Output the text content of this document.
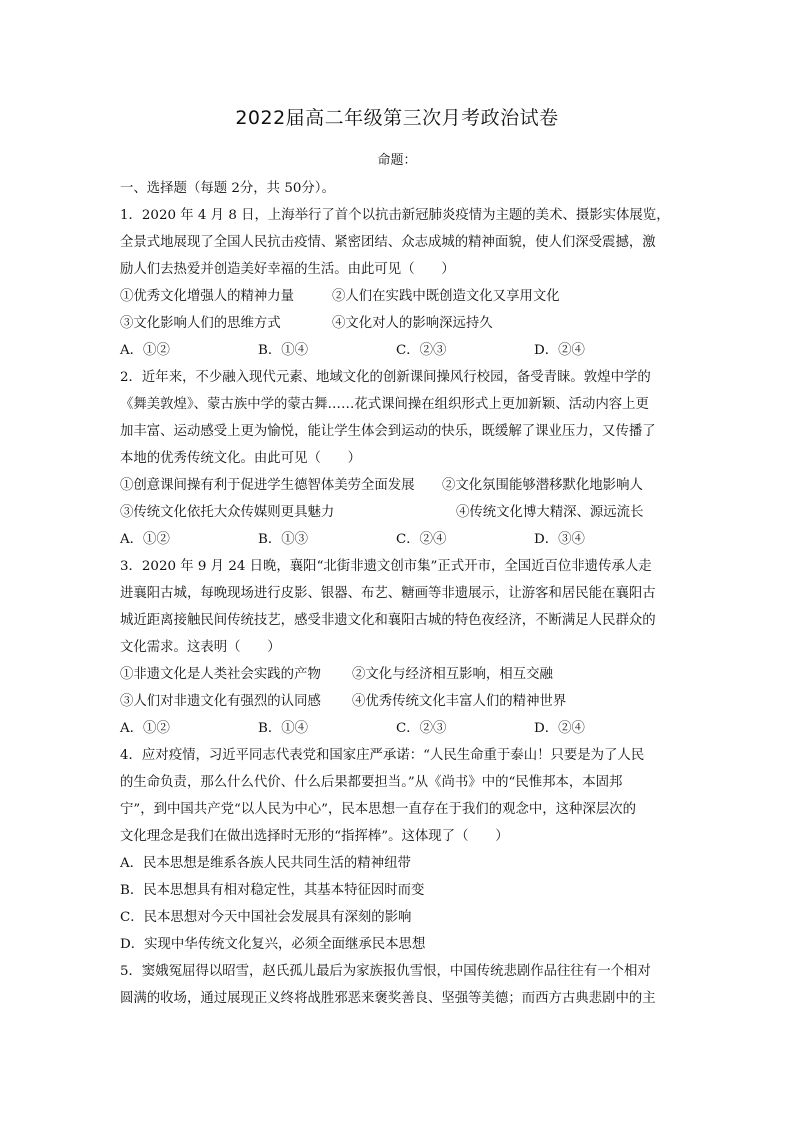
2022届高二年级第三次月考政治试卷
命题：
一、选择题（每题 2分，共 50分）。
1．2020 年 4 月 8 日，上海举行了首个以抗击新冠肺炎疫情为主题的美术、摄影实体展览，
全景式地展现了全国人民抗击疫情、紧密团结、众志成城的精神面貌，使人们深受震撼，激
励人们去热爱并创造美好幸福的生活。由此可见（　　）
①优秀文化增强人的精神力量	②人们在实践中既创造文化又享用文化
③文化影响人们的思维方式	④文化对人的影响深远持久
A．①②	B．①④	C．②③	D．②④
2．近年来，不少融入现代元素、地域文化的创新课间操风行校园，备受青睐。敦煌中学的
《舞美敦煌》、蒙古族中学的蒙古舞……花式课间操在组织形式上更加新颖、活动内容上更
加丰富、运动感受上更为愉悦，能让学生体会到运动的快乐，既缓解了课业压力，又传播了
本地的优秀传统文化。由此可见（　　）
①创意课间操有利于促进学生德智体美劳全面发展	②文化氛围能够潜移默化地影响人
③传统文化依托大众传媒则更具魅力	④传统文化博大精深、源远流长
A．①②	B．①③	C．②④	D．③④
3．2020 年 9 月 24 日晚，襄阳“北街非遗文创市集”正式开市，全国近百位非遗传承人走
进襄阳古城，每晚现场进行皮影、银器、布艺、糖画等非遗展示，让游客和居民能在襄阳古
城近距离接触民间传统技艺，感受非遗文化和襄阳古城的特色夜经济，不断满足人民群众的
文化需求。这表明（　　）
①非遗文化是人类社会实践的产物	②文化与经济相互影响，相互交融
③人们对非遗文化有强烈的认同感	④优秀传统文化丰富人们的精神世界
A．①②	B．①④	C．②③	D．②④
4．应对疫情，习近平同志代表党和国家庄严承诺：“人民生命重于泰山！只要是为了人民
的生命负责，那么什么代价、什么后果都要担当。”从《尚书》中的“民惟邦本，本固邦
宁”，到中国共产党“以人民为中心”，民本思想一直存在于我们的观念中，这种深层次的
文化理念是我们在做出选择时无形的“指挥棒”。这体现了（　　）
A．民本思想是维系各族人民共同生活的精神纽带
B．民本思想具有相对稳定性，其基本特征因时而变
C．民本思想对今天中国社会发展具有深刻的影响
D．实现中华传统文化复兴，必须全面继承民本思想
5．窦娥冤屈得以昭雪，赵氏孤儿最后为家族报仇雪恨，中国传统悲剧作品往往有一个相对
圆满的收场，通过展现正义终将战胜邪恶来褒奖善良、坚强等美德；而西方古典悲剧中的主
